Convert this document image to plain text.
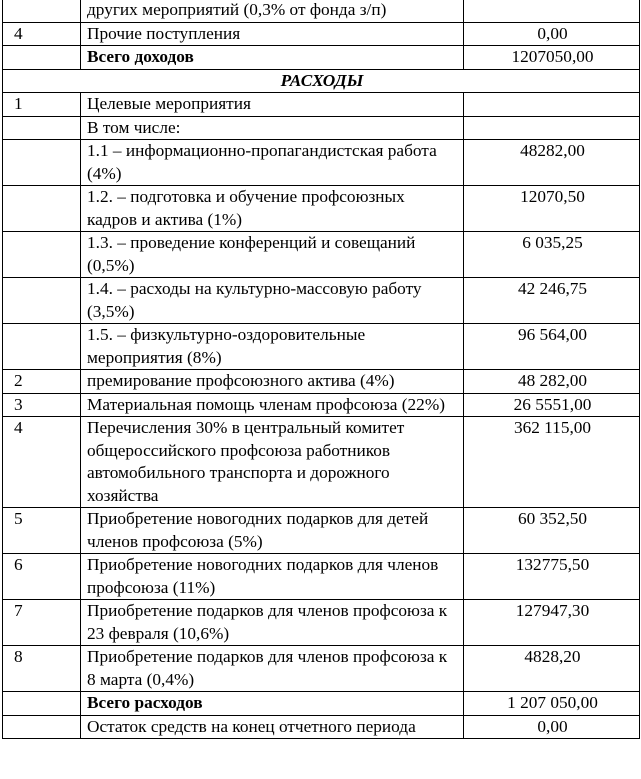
	других мероприятий (0,3% от фонда з/п)	
4	Прочие поступления	0,00
	Всего доходов	1207050,00
РАСХОДЫ		
1	Целевые мероприятия	
	В том числе:	
	1.1 – информационно-пропагандистская работа (4%)	48282,00
	1.2. – подготовка и обучение профсоюзных кадров и актива (1%)	12070,50
	1.3. – проведение конференций и совещаний (0,5%)	6 035,25
	1.4. – расходы на культурно-массовую работу (3,5%)	42 246,75
	1.5. – физкультурно-оздоровительные мероприятия (8%)	96 564,00
2	премирование профсоюзного актива (4%)	48 282,00
3	Материальная помощь членам профсоюза (22%)	26 5551,00
4	Перечисления 30% в центральный комитет общероссийского профсоюза работников автомобильного транспорта и дорожного хозяйства	362 115,00
5	Приобретение новогодних подарков для детей членов профсоюза (5%)	60 352,50
6	Приобретение новогодних подарков для членов профсоюза (11%)	132775,50
7	Приобретение подарков для членов профсоюза к 23 февраля (10,6%)	127947,30
8	Приобретение подарков для членов профсоюза к 8 марта (0,4%)	4828,20
	Всего расходов	1 207 050,00
	Остаток средств на конец отчетного периода	0,00
